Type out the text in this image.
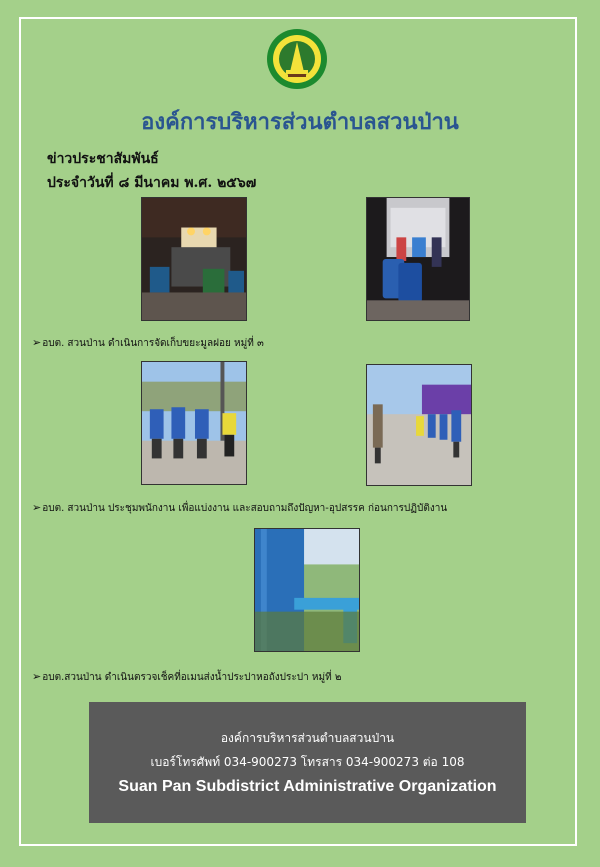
องค์การบริหารส่วนตำบลสวนป่าน
ข่าวประชาสัมพันธ์
ประจำวันที่ ๘ มีนาคม พ.ศ. ๒๕๖๗
➢อบต. สวนป่าน ดำเนินการจัดเก็บขยะมูลฝอย หมู่ที่ ๓
➢อบต. สวนป่าน ประชุมพนักงาน เพื่อแบ่งงาน และสอบถามถึงปัญหา-อุปสรรค ก่อนการปฏิบัติงาน
➢อบต.สวนป่าน ดำเนินตรวจเช็คที่อเมนส่งน้ำประปาหอถังประปา หมู่ที่ ๒
องค์การบริหารส่วนตำบลสวนป่าน
เบอร์โทรศัพท์ 034-900273 โทรสาร 034-900273 ต่อ 108
Suan Pan Subdistrict Administrative Organization
